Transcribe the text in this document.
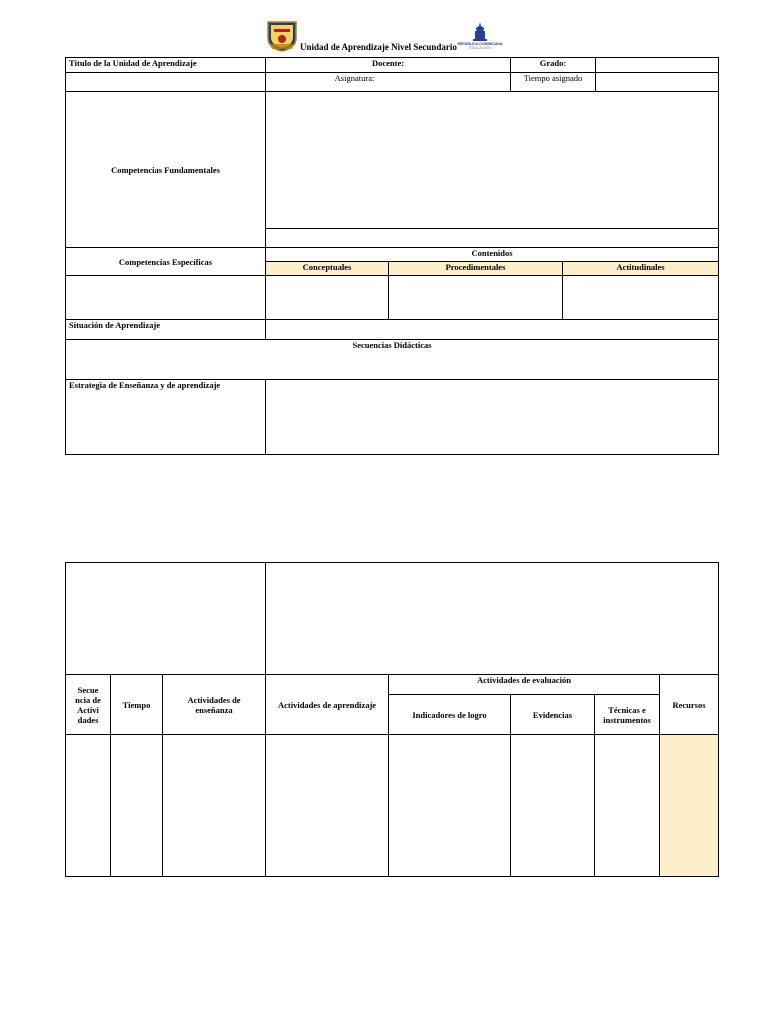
Unidad de Aprendizaje Nivel Secundario REPÚBLICA DOMINICANA
EDUCACIÓN
Título de la Unidad de Aprendizaje	Docente:		Grado:		
	Asignatura:		Tiempo asignado		
Competencias Fundamentales					

Competencias Específicas	Contenidos				
	Conceptuales	Procedimentales		Actitudinales	

Situación de Aprendizaje					
Secuencias Didácticas					
Estrategia de Enseñanza y de aprendizaje					

Secue ncia de Activi dades	Tiempo	Actividades de enseñanza	Actividades de aprendizaje	Actividades de evaluación			Recursos
				Indicadores de logro	Evidencias	Técnicas e instrumentos	
